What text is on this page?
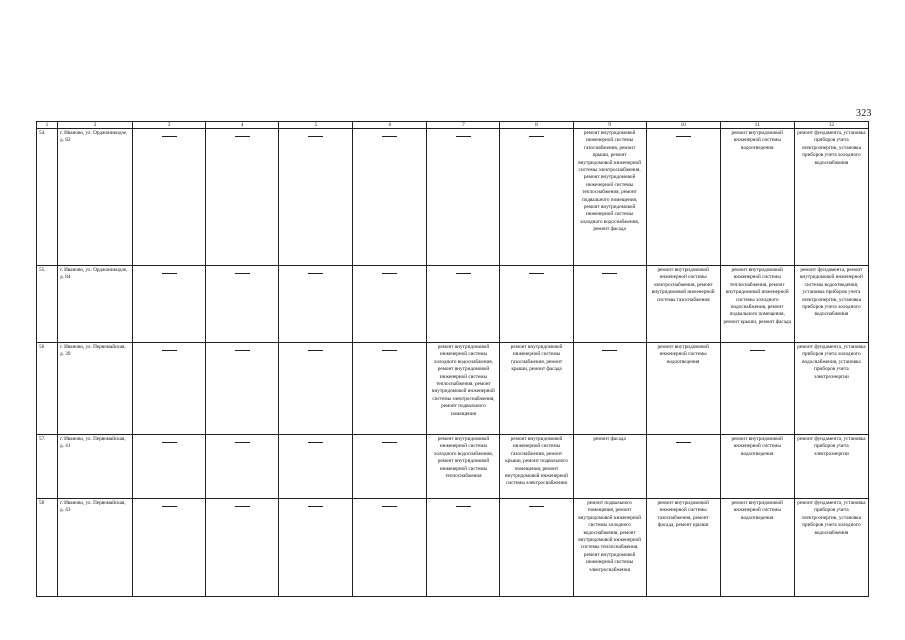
323
1	2	3	4	5	6	7	8	9	10	11	12
54.	г. Иваново, ул. Орджоникидзе, д. 82							ремонт внутридомовой инженерной системы газоснабжения, ремонт крыши, ремонт внутридомовой инженерной системы электроснабжения, ремонт внутридомовой инженерной системы теплоснабжения, ремонт подвального помещения, ремонт внутридомовой инженерной системы холодного водоснабжения, ремонт фасада		ремонт внутридомовой инженерной системы водоотведения	ремонт фундамента, установка приборов учета электроэнергии, установка приборов учета холодного водоснабжения
55.	г. Иваново, ул. Орджоникидзе, д. 84								ремонт внутридомовой инженерной системы электроснабжения, ремонт внутридомовой инженерной системы газоснабжения	ремонт внутридомовой инженерной системы теплоснабжения, ремонт внутридомовой инженерной системы холодного водоснабжения, ремонт подвального помещения, ремонт крыши, ремонт фасада	ремонт фундамента, ремонт внутридомовой инженерной системы водоотведения, установка приборов учета электроэнергии, установка приборов учета холодного водоснабжения
56	г. Иваново, ул. Первомайская, д. 39					ремонт внутридомовой инженерной системы холодного водоснабжения, ремонт внутридомовой инженерной системы теплоснабжения, ремонт внутридомовой инженерной системы электроснабжения, ремонт подвального помещения	ремонт внутридомовой инженерной системы газоснабжения, ремонт крыши, ремонт фасада		ремонт внутридомовой инженерной системы водоотведения		ремонт фундамента, установка приборов учета холодного водоснабжения, установка приборов учета электроэнергии
57.	г. Иваново, ул. Первомайская, д. 41					ремонт внутридомовой инженерной системы холодного водоснабжения, ремонт внутридомовой инженерной системы теплоснабжения	ремонт внутридомовой инженерной системы газоснабжения, ремонт крыши, ремонт подвального помещения, ремонт внутридомовой инженерной системы электроснабжения	ремонт фасада		ремонт внутридомовой инженерной системы водоотведения	ремонт фундамента, установка приборов учета электроэнергии
58	г. Иваново, ул. Первомайская, д. 43							ремонт подвального помещения, ремонт внутридомовой инженерной системы холодного водоснабжения, ремонт внутридомовой инженерной системы теплоснабжения, ремонт внутридомовой инженерной системы электроснабжения	ремонт внутридомовой инженерной системы газоснабжения, ремонт фасада, ремонт крыши	ремонт внутридомовой инженерной системы водоотведения	ремонт фундамента, установка приборов учета электроэнергии, установка приборов учета холодного водоснабжения
